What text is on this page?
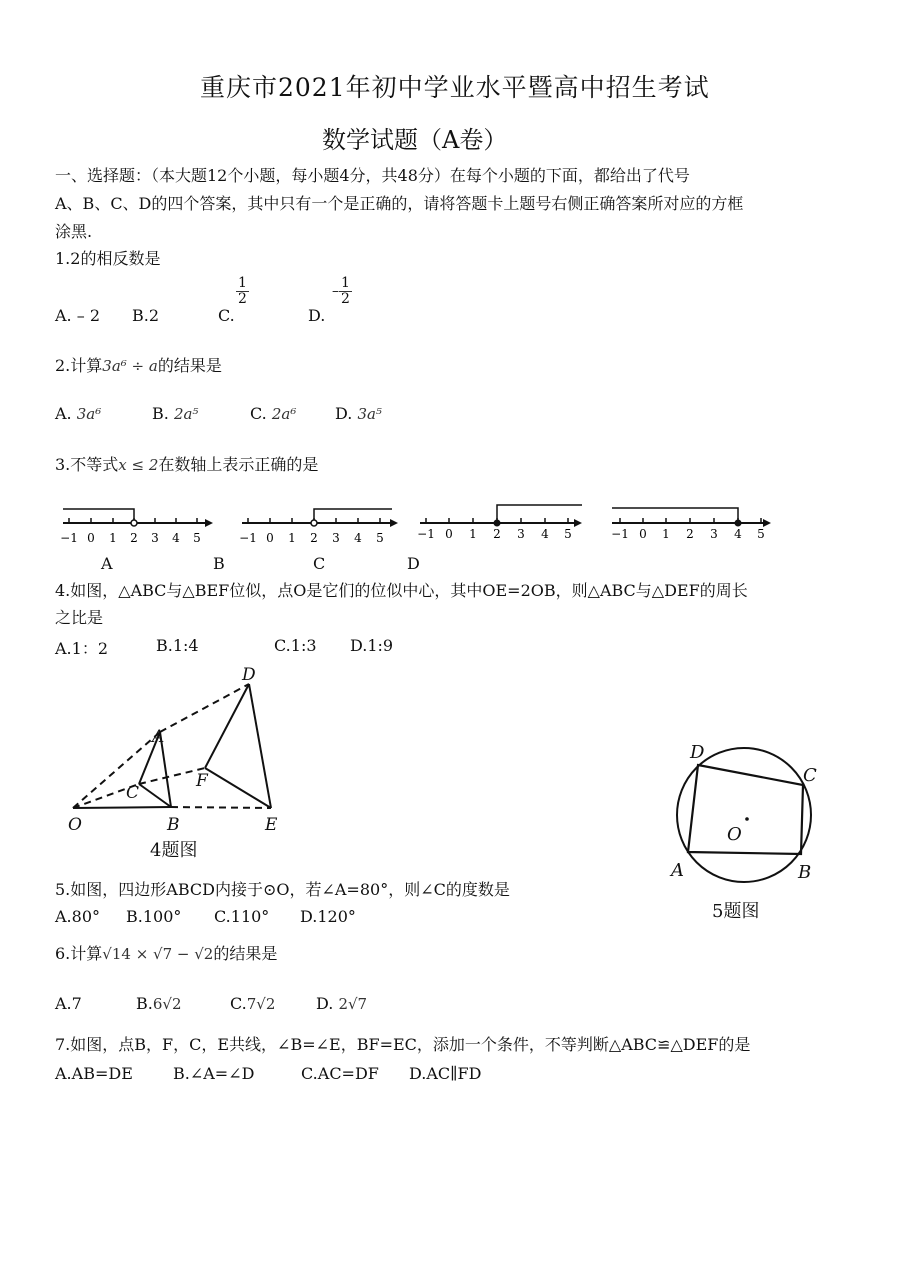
重庆市2021年初中学业水平暨高中招生考试
数学试题（A卷）
一、选择题：（本大题12个小题，每小题4分，共48分）在每个小题的下面，都给出了代号
A、B、C、D的四个答案，其中只有一个是正确的，请将答题卡上题号右侧正确答案所对应的方框
涂黑.
1.2的相反数是
A. – 2 B.2	C.
$\frac{1}{2}$
D.
– $\frac{1}{2}$
2.计算3a⁶ ÷ a的结果是
A. 3a⁶	B. 2a⁵	C. 2a⁶ D. 3a⁵
3.不等式x ≤ 2在数轴上表示正确的是
−1 0 1 2 3 4 5	−1 0 1 2 3 4 5	−1 0 1 2 3 4 5	−1 0 1 2 3 4 5
A	B	C	D
4.如图，△ABC与△BEF位似，点O是它们的位似中心，其中OE=2OB，则△ABC与△DEF的周长
之比是
A.1：2	B.1:4	C.1:3 D.1:9
D
A
C
F
O	B	E
4题图
D
C
O
A	B
5题图
5.如图，四边形ABCD内接于⊙O，若∠A=80°，则∠C的度数是
A.80° B.100° C.110° D.120°
6.计算√14 × √7 − √2的结果是
A.7	B.6√2	C.7√2	D. 2√7
7.如图，点B，F，C，E共线，∠B=∠E，BF=EC，添加一个条件，不等判断△ABC≌△DEF的是
A.AB=DE	B.∠A=∠D	C.AC=DF D.AC∥FD
